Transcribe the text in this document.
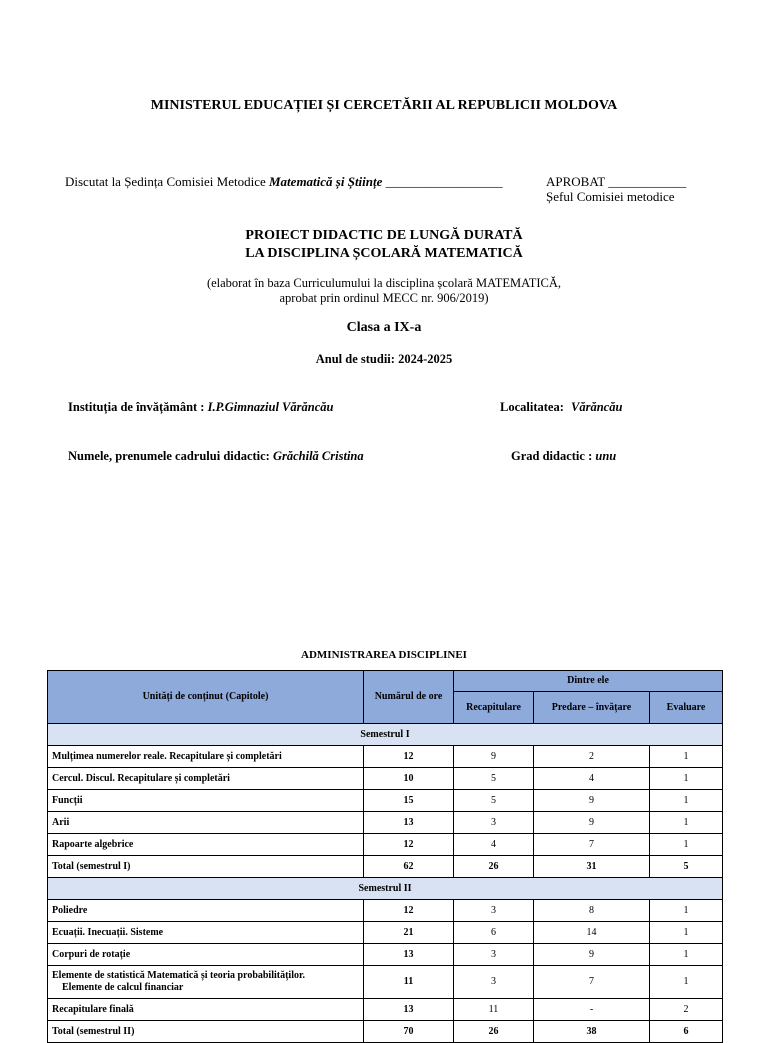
MINISTERUL EDUCAȚIEI ȘI CERCETĂRII AL REPUBLICII MOLDOVA
Discutat la Ședința Comisiei Metodice Matematică și Științe __________________	APROBAT ____________
Șeful Comisiei metodice
PROIECT DIDACTIC DE LUNGĂ DURATĂ
LA DISCIPLINA ȘCOLARĂ MATEMATICĂ
(elaborat în baza Curriculumului la disciplina școlară MATEMATICĂ,
aprobat prin ordinul MECC nr. 906/2019)
Clasa a IX-a
Anul de studii: 2024-2025
Instituția de învățământ : I.P.Gimnaziul Vărăncău	Localitatea: Vărăncău
Numele, prenumele cadrului didactic: Grăchilă Cristina	Grad didactic : unu
ADMINISTRAREA DISCIPLINEI
Unități de conținut (Capitole)	Numărul de ore	Dintre ele		
		Recapitulare	Predare – învățare	Evaluare
Semestrul I				
Mulțimea numerelor reale. Recapitulare și completări	12	9	2	1
Cercul. Discul. Recapitulare și completări	10	5	4	1
Funcții	15	5	9	1
Arii	13	3	9	1
Rapoarte algebrice	12	4	7	1
Total (semestrul I)	62	26	31	5
Semestrul II				
Poliedre	12	3	8	1
Ecuații. Inecuații. Sisteme	21	6	14	1
Corpuri de rotație	13	3	9	1

Elemente de statistică Matematică și teoria probabilităților.
Elemente de calcul financiar	11	3	7	1
Recapitulare finală	13	11	-	2
Total (semestrul II)	70	26	38	6
